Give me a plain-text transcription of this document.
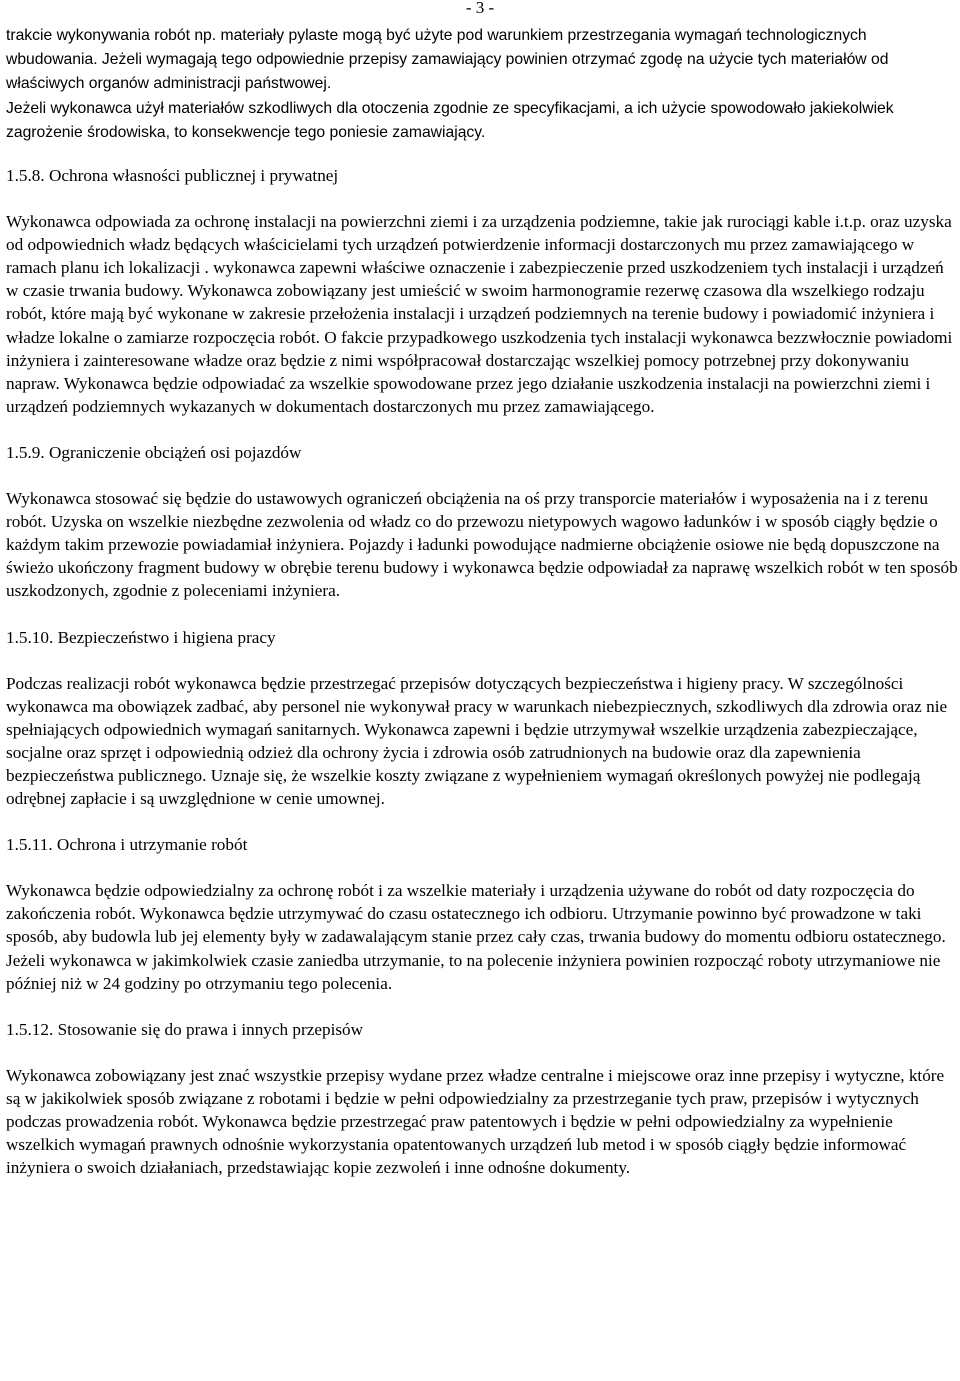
- 3 -

trakcie wykonywania robót np. materiały pylaste mogą być użyte pod warunkiem przestrzegania wymagań technologicznych wbudowania. Jeżeli wymagają tego odpowiednie przepisy zamawiający powinien otrzymać zgodę na użycie tych materiałów od właściwych organów administracji państwowej.

Jeżeli wykonawca użył materiałów szkodliwych dla otoczenia zgodnie ze specyfikacjami, a ich użycie spowodowało jakiekolwiek zagrożenie środowiska, to konsekwencje tego poniesie zamawiający.

1.5.8. Ochrona własności publicznej i prywatnej

Wykonawca odpowiada za ochronę instalacji na powierzchni ziemi i za urządzenia podziemne, takie jak rurociągi kable i.t.p. oraz uzyska od odpowiednich władz będących właścicielami tych urządzeń potwierdzenie informacji dostarczonych mu przez zamawiającego w ramach planu ich lokalizacji . wykonawca zapewni właściwe oznaczenie i zabezpieczenie przed uszkodzeniem tych instalacji i urządzeń w czasie trwania budowy. Wykonawca zobowiązany jest umieścić w swoim harmonogramie rezerwę czasowa dla wszelkiego rodzaju robót, które mają być wykonane w zakresie przełożenia instalacji i urządzeń podziemnych na terenie budowy i powiadomić inżyniera i władze lokalne o zamiarze rozpoczęcia robót. O fakcie przypadkowego uszkodzenia tych instalacji wykonawca bezzwłocznie powiadomi inżyniera i zainteresowane władze oraz będzie z nimi współpracował dostarczając wszelkiej pomocy potrzebnej przy dokonywaniu napraw. Wykonawca będzie odpowiadać za wszelkie spowodowane przez jego działanie uszkodzenia instalacji na powierzchni ziemi i urządzeń podziemnych wykazanych w dokumentach dostarczonych mu przez zamawiającego.

1.5.9. Ograniczenie obciążeń osi pojazdów

Wykonawca stosować się będzie do ustawowych ograniczeń obciążenia na oś przy transporcie materiałów i wyposażenia na i z terenu robót. Uzyska on wszelkie niezbędne zezwolenia od władz co do przewozu nietypowych wagowo ładunków i w sposób ciągły będzie o każdym takim przewozie powiadamiał inżyniera. Pojazdy i ładunki powodujące nadmierne obciążenie osiowe nie będą dopuszczone na świeżo ukończony fragment budowy w obrębie terenu budowy i wykonawca będzie odpowiadał za naprawę wszelkich robót w ten sposób uszkodzonych, zgodnie z poleceniami inżyniera.

1.5.10. Bezpieczeństwo i higiena pracy

Podczas realizacji robót wykonawca będzie przestrzegać przepisów dotyczących bezpieczeństwa i higieny pracy. W szczególności wykonawca ma obowiązek zadbać, aby personel nie wykonywał pracy w warunkach niebezpiecznych, szkodliwych dla zdrowia oraz nie spełniających odpowiednich wymagań sanitarnych. Wykonawca zapewni i będzie utrzymywał wszelkie urządzenia zabezpieczające, socjalne oraz sprzęt i odpowiednią odzież dla ochrony życia i zdrowia osób zatrudnionych na budowie oraz dla zapewnienia bezpieczeństwa publicznego. Uznaje się, że wszelkie koszty związane z wypełnieniem wymagań określonych powyżej nie podlegają odrębnej zapłacie i są uwzględnione w cenie umownej.

1.5.11. Ochrona i utrzymanie robót

Wykonawca będzie odpowiedzialny za ochronę robót i za wszelkie materiały i urządzenia używane do robót od daty rozpoczęcia do zakończenia robót. Wykonawca będzie utrzymywać do czasu ostatecznego ich odbioru. Utrzymanie powinno być prowadzone w taki sposób, aby budowla lub jej elementy były w zadawalającym stanie przez cały czas, trwania budowy do momentu odbioru ostatecznego. Jeżeli wykonawca w jakimkolwiek czasie zaniedba utrzymanie, to na polecenie inżyniera powinien rozpocząć roboty utrzymaniowe nie później niż w 24 godziny po otrzymaniu tego polecenia.

1.5.12. Stosowanie się do prawa i innych przepisów

Wykonawca zobowiązany jest znać wszystkie przepisy wydane przez władze centralne i miejscowe oraz inne przepisy i wytyczne, które są w jakikolwiek sposób związane z robotami i będzie w pełni odpowiedzialny za przestrzeganie tych praw, przepisów i wytycznych podczas prowadzenia robót. Wykonawca będzie przestrzegać praw patentowych i będzie w pełni odpowiedzialny za wypełnienie wszelkich wymagań prawnych odnośnie wykorzystania opatentowanych urządzeń lub metod i w sposób ciągły będzie informować inżyniera o swoich działaniach, przedstawiając kopie zezwoleń i inne odnośne dokumenty.
